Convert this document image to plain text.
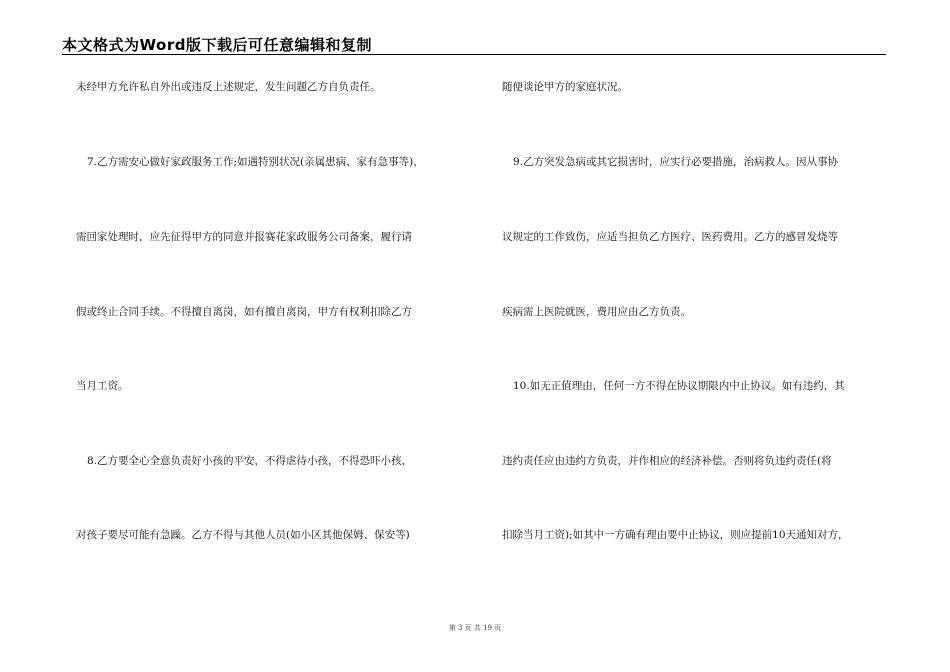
本文格式为Word版下载后可任意编辑和复制
未经甲方允许私自外出或违反上述规定，发生问题乙方自负责任。
7.乙方需安心做好家政服务工作;如遇特别状况(亲属患病、家有急事等)，
需回家处理时，应先征得甲方的同意并报赛花家政服务公司备案，履行请
假或终止合同手续。不得擅自离岗，如有擅自离岗，甲方有权利扣除乙方
当月工资。
8.乙方要全心全意负责好小孩的平安，不得虐待小孩，不得恐吓小孩，
对孩子要尽可能有急躁。乙方不得与其他人员(如小区其他保姆、保安等)
随便谈论甲方的家庭状况。
9.乙方突发急病或其它损害时，应实行必要措施，治病救人。因从事协
议规定的工作致伤，应适当担负乙方医疗、医药费用。乙方的感冒发烧等
疾病需上医院就医，费用应由乙方负责。
10.如无正值理由，任何一方不得在协议期限内中止协议。如有违约，其
违约责任应由违约方负责，并作相应的经济补偿。否则将负违约责任(将
扣除当月工资);如其中一方确有理由要中止协议，则应提前10天通知对方，
第 3 页 共 19 页
